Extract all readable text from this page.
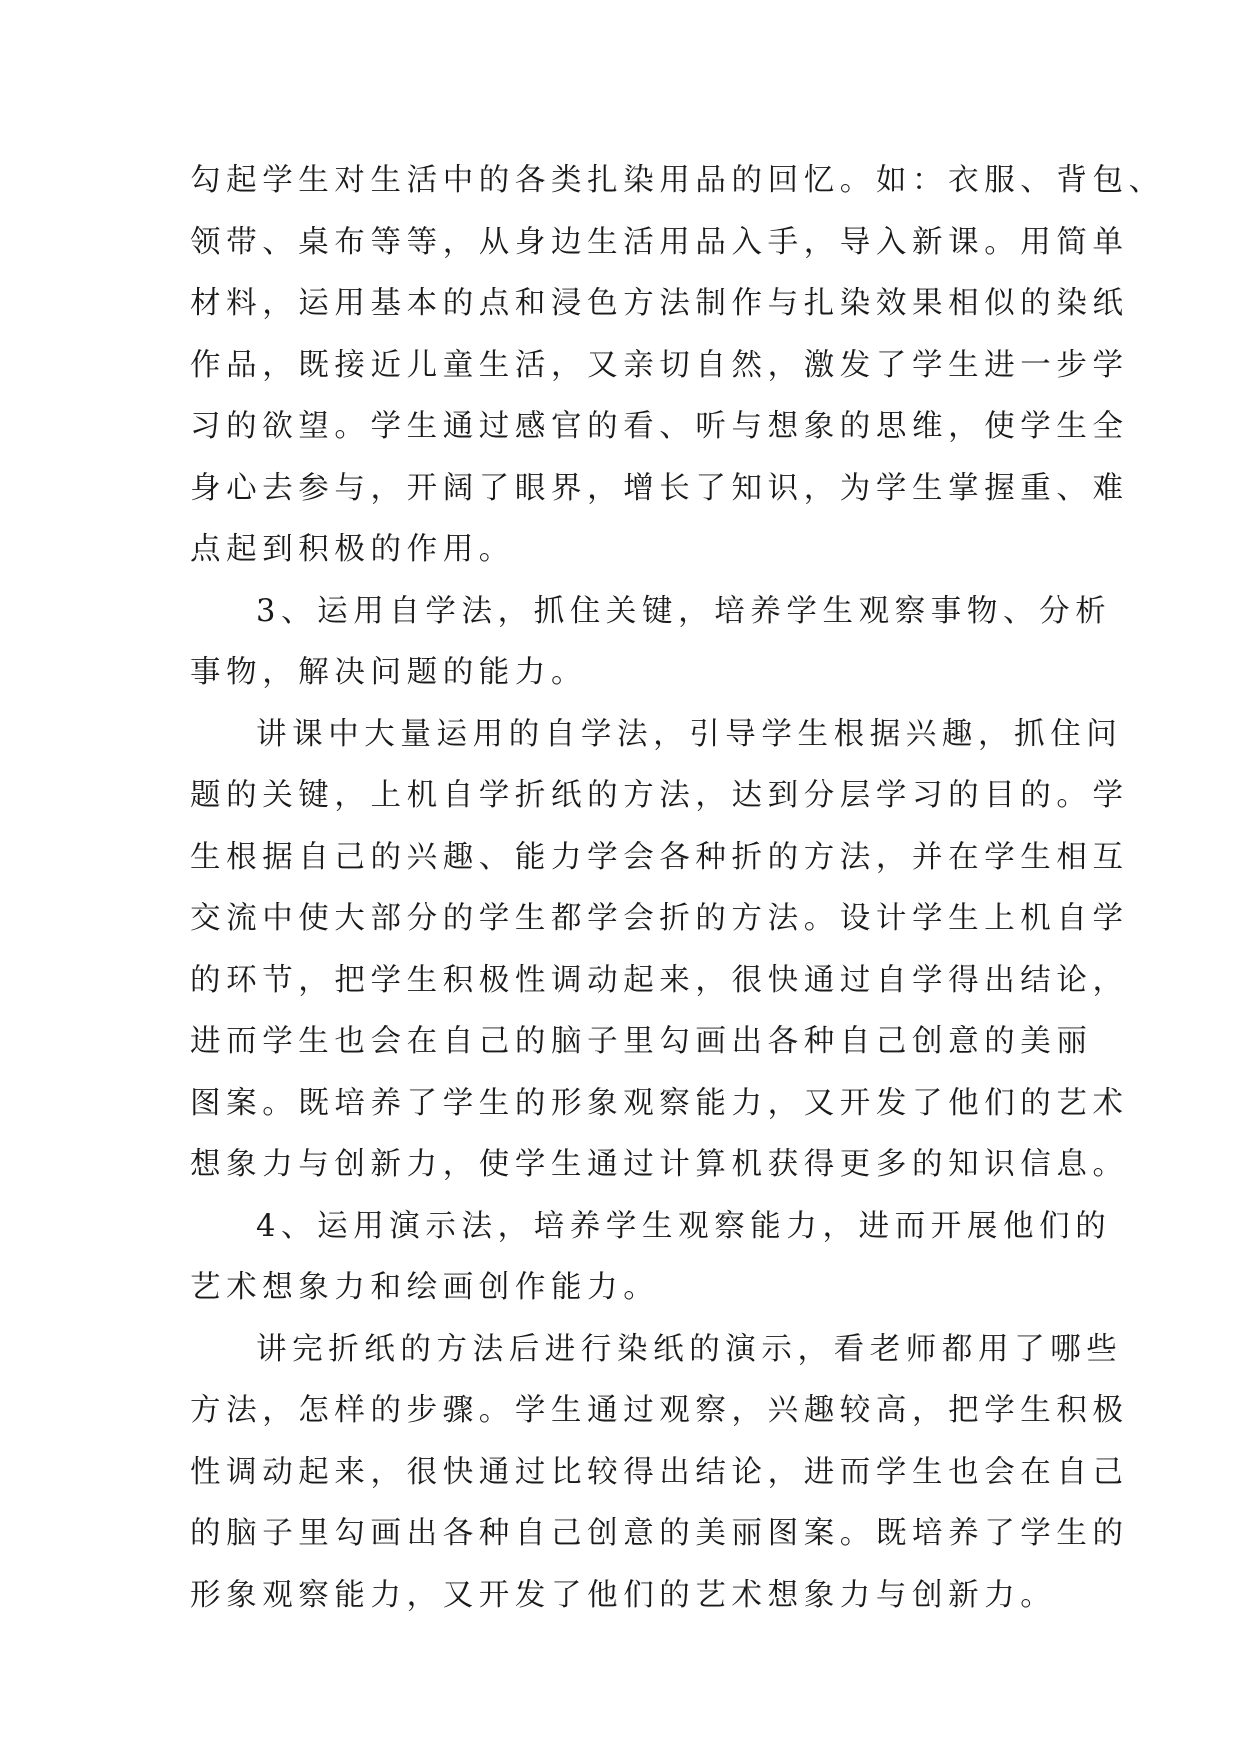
勾起学生对生活中的各类扎染用品的回忆。如：衣服、背包、
领带、桌布等等，从身边生活用品入手，导入新课。用简单
材料，运用基本的点和浸色方法制作与扎染效果相似的染纸
作品，既接近儿童生活，又亲切自然，激发了学生进一步学
习的欲望。学生通过感官的看、听与想象的思维，使学生全
身心去参与，开阔了眼界，增长了知识，为学生掌握重、难
点起到积极的作用。
3、运用自学法，抓住关键，培养学生观察事物、分析
事物，解决问题的能力。
讲课中大量运用的自学法，引导学生根据兴趣，抓住问
题的关键，上机自学折纸的方法，达到分层学习的目的。学
生根据自己的兴趣、能力学会各种折的方法，并在学生相互
交流中使大部分的学生都学会折的方法。设计学生上机自学
的环节，把学生积极性调动起来，很快通过自学得出结论，
进而学生也会在自己的脑子里勾画出各种自己创意的美丽
图案。既培养了学生的形象观察能力，又开发了他们的艺术
想象力与创新力，使学生通过计算机获得更多的知识信息。
4、运用演示法，培养学生观察能力，进而开展他们的
艺术想象力和绘画创作能力。
讲完折纸的方法后进行染纸的演示，看老师都用了哪些
方法，怎样的步骤。学生通过观察，兴趣较高，把学生积极
性调动起来，很快通过比较得出结论，进而学生也会在自己
的脑子里勾画出各种自己创意的美丽图案。既培养了学生的
形象观察能力，又开发了他们的艺术想象力与创新力。
